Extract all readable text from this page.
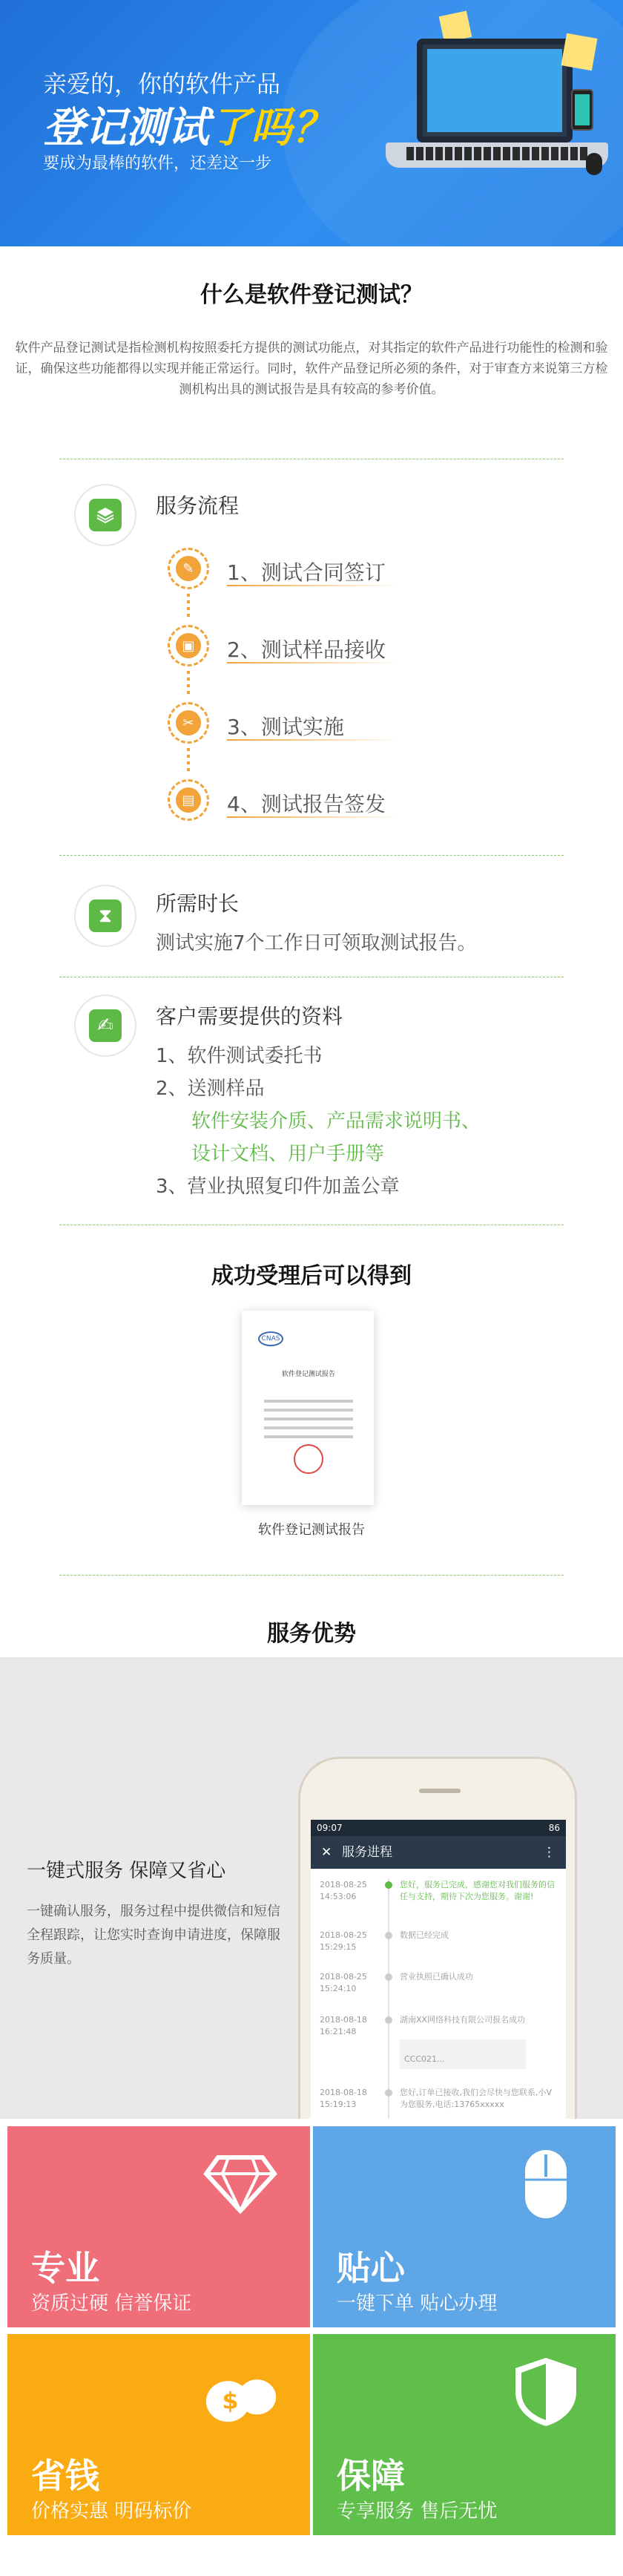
亲爱的，你的软件产品
登记测试了吗？
要成为最棒的软件，还差这一步
什么是软件登记测试？
软件产品登记测试是指检测机构按照委托方提供的测试功能点，对其指定的软件产品进行功能性的检测和验证，确保这些功能都得以实现并能正常运行。同时，软件产品登记所必须的条件，对于审查方来说第三方检测机构出具的测试报告是具有较高的参考价值。
服务流程
✎	1、测试合同签订
▣	2、测试样品接收
✂	3、测试实施
▤	4、测试报告签发
⧗	所需时长
测试实施7个工作日可领取测试报告。
✍	客户需要提供的资料
1、软件测试委托书
2、送测样品
软件安装介质、产品需求说明书、
设计文档、用户手册等
3、营业执照复印件加盖公章
成功受理后可以得到
CNAS
软件登记测试报告
软件登记测试报告
服务优势
一键式服务 保障又省心
一键确认服务，服务过程中提供微信和短信全程跟踪，让您实时查询申请进度，保障服务质量。
09:07	86
✕ 服务进程	⋮
2018-08-25 14:53:06
您好，服务已完成，感谢您对我们服务的信任与支持，期待下次为您服务。谢谢!
2018-08-25 15:29:15
数据已经完成
2018-08-25 15:24:10
营业执照已确认成功
2018-08-18 16:21:48
湖南XX网络科技有限公司报名成功
CCC021...
2018-08-18 15:19:13
您好,订单已接收,我们会尽快与您联系,小V为您服务,电话:13765xxxxx
专业
资质过硬 信誉保证
贴心
一键下单 贴心办理
$
省钱
价格实惠 明码标价
保障
专享服务 售后无忧
